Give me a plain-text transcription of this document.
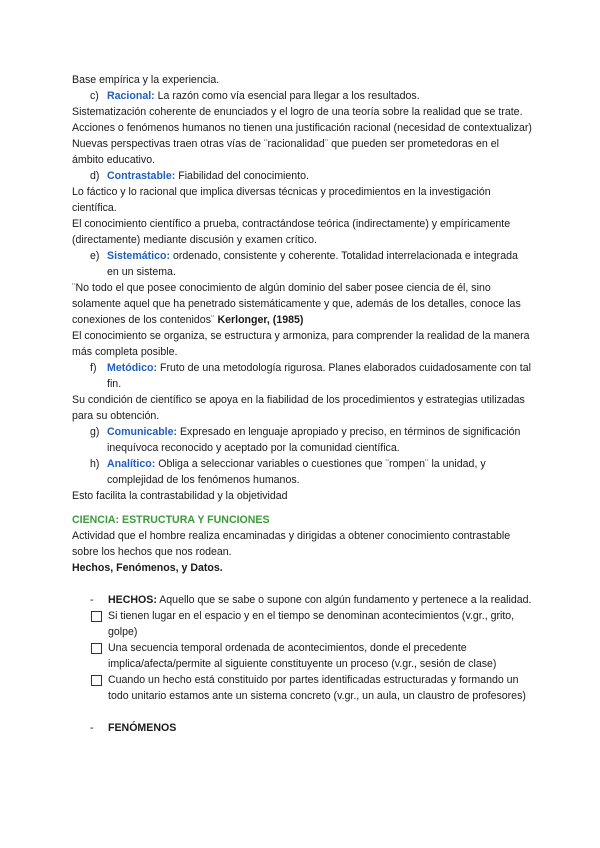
Base empírica y la experiencia.

c) Racional: La razón como vía esencial para llegar a los resultados.

Sistematización coherente de enunciados y el logro de una teoría sobre la realidad que se trate.

Acciones o fenómenos humanos no tienen una justificación racional (necesidad de contextualizar)

Nuevas perspectivas traen otras vías de ¨racionalidad¨ que pueden ser prometedoras en el ámbito educativo.

d) Contrastable: Fiabilidad del conocimiento.

Lo fáctico y lo racional que implica diversas técnicas y procedimientos en la investigación científica.

El conocimiento científico a prueba, contractándose teórica (indirectamente) y empíricamente (directamente) mediante discusión y examen crítico.

e) Sistemático: ordenado, consistente y coherente. Totalidad interrelacionada e integrada en un sistema.

¨No todo el que posee conocimiento de algún dominio del saber posee ciencia de él, sino solamente aquel que ha penetrado sistemáticamente y que, además de los detalles, conoce las conexiones de los contenidos¨ Kerlonger, (1985)

El conocimiento se organiza, se estructura y armoniza, para comprender la realidad de la manera más completa posible.

f) Metódico: Fruto de una metodología rigurosa. Planes elaborados cuidadosamente con tal fin.

Su condición de científico se apoya en la fiabilidad de los procedimientos y estrategias utilizadas para su obtención.

g) Comunicable: Expresado en lenguaje apropiado y preciso, en términos de significación inequívoca reconocido y aceptado por la comunidad científica.

h) Analítico: Obliga a seleccionar variables o cuestiones que ¨rompen¨ la unidad, y complejidad de los fenómenos humanos.

Esto facilita la contrastabilidad y la objetividad

CIENCIA: ESTRUCTURA Y FUNCIONES

Actividad que el hombre realiza encaminadas y dirigidas a obtener conocimiento contrastable sobre los hechos que nos rodean.

Hechos, Fenómenos, y Datos.

- HECHOS: Aquello que se sabe o supone con algún fundamento y pertenece a la realidad.

Si tienen lugar en el espacio y en el tiempo se denominan acontecimientos (v.gr., grito, golpe)

Una secuencia temporal ordenada de acontecimientos, donde el precedente implica/afecta/permite al siguiente constituyente un proceso (v.gr., sesión de clase)

Cuando un hecho está constituido por partes identificadas estructuradas y formando un todo unitario estamos ante un sistema concreto (v.gr., un aula, un claustro de profesores)

- FENÓMENOS
